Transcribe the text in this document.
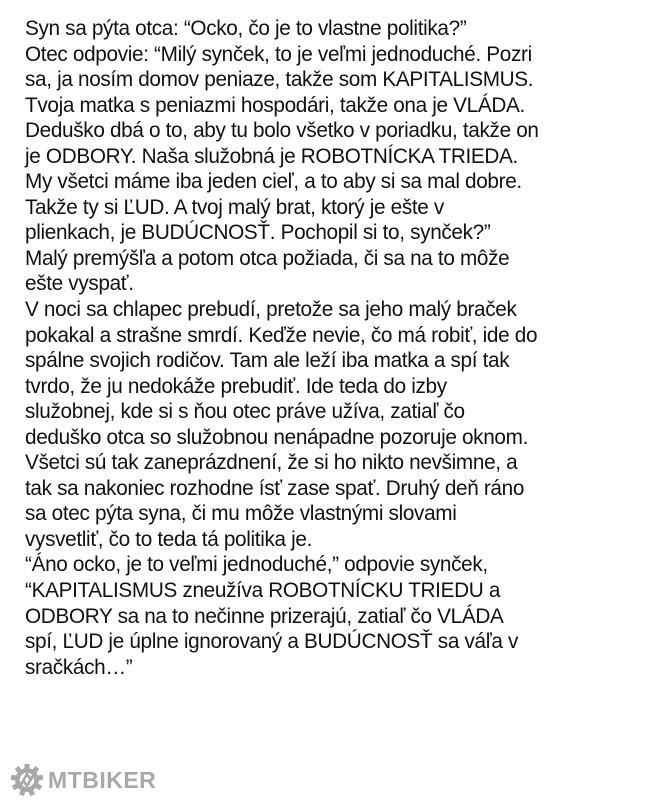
Syn sa pýta otca: “Ocko, čo je to vlastne politika?”
Otec odpovie: “Milý synček, to je veľmi jednoduché. Pozri
sa, ja nosím domov peniaze, takže som KAPITALISMUS.
Tvoja matka s peniazmi hospodári, takže ona je VLÁDA.
Deduško dbá o to, aby tu bolo všetko v poriadku, takže on
je ODBORY. Naša služobná je ROBOTNÍCKA TRIEDA.
My všetci máme iba jeden cieľ, a to aby si sa mal dobre.
Takže ty si ĽUD. A tvoj malý brat, ktorý je ešte v
plienkach, je BUDÚCNOSŤ. Pochopil si to, synček?”
Malý premýšľa a potom otca požiada, či sa na to môže
ešte vyspať.
V noci sa chlapec prebudí, pretože sa jeho malý braček
pokakal a strašne smrdí. Keďže nevie, čo má robiť, ide do
spálne svojich rodičov. Tam ale leží iba matka a spí tak
tvrdo, že ju nedokáže prebudiť. Ide teda do izby
služobnej, kde si s ňou otec práve užíva, zatiaľ čo
deduško otca so služobnou nenápadne pozoruje oknom.
Všetci sú tak zaneprázdnení, že si ho nikto nevšimne, a
tak sa nakoniec rozhodne ísť zase spať. Druhý deň ráno
sa otec pýta syna, či mu môže vlastnými slovami
vysvetliť, čo to teda tá politika je.
“Áno ocko, je to veľmi jednoduché,” odpovie synček,
“KAPITALISMUS zneužíva ROBOTNÍCKU TRIEDU a
ODBORY sa na to nečinne prizerajú, zatiaľ čo VLÁDA
spí, ĽUD je úplne ignorovaný a BUDÚCNOSŤ sa váľa v
sračkách…”
MTBIKER
